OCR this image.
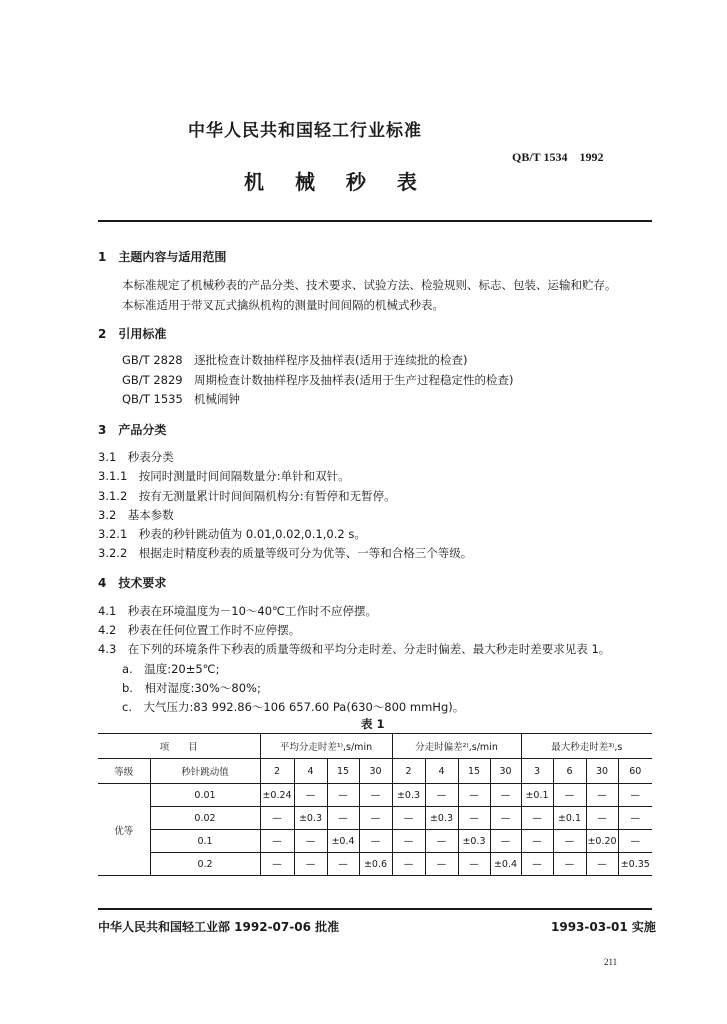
中华人民共和国轻工行业标准
QB/T 1534　1992
机 械 秒 表
1　主题内容与适用范围
本标准规定了机械秒表的产品分类、技术要求、试验方法、检验规则、标志、包装、运输和贮存。
本标准适用于带叉瓦式擒纵机构的测量时间间隔的机械式秒表。
2　引用标准
GB/T 2828 逐批检查计数抽样程序及抽样表(适用于连续批的检查)
GB/T 2829 周期检查计数抽样程序及抽样表(适用于生产过程稳定性的检查)
QB/T 1535 机械闹钟
3　产品分类
3.1　秒表分类
3.1.1　按同时测量时间间隔数量分:单针和双针。
3.1.2　按有无测量累计时间间隔机构分:有暂停和无暂停。
3.2　基本参数
3.2.1　秒表的秒针跳动值为 0.01,0.02,0.1,0.2 s。
3.2.2　根据走时精度秒表的质量等级可分为优等、一等和合格三个等级。
4　技术要求
4.1　秒表在环境温度为－10～40℃工作时不应停摆。
4.2　秒表在任何位置工作时不应停摆。
4.3　在下列的环境条件下秒表的质量等级和平均分走时差、分走时偏差、最大秒走时差要求见表 1。
a.　温度:20±5℃;
b.　相对湿度:30%～80%;
c.　大气压力:83 992.86～106 657.60 Pa(630～800 mmHg)。
表 1
项　　目		平均分走时差¹⁾,s/min				分走时偏差²⁾,s/min				最大秒走时差³⁾,s			
等级	秒针跳动值	2	4	15	30	2	4	15	30	3	6	30	60
优等	0.01	±0.24	—	—	—	±0.3	—	—	—	±0.1	—	—	—
	0.02	—	±0.3	—	—	—	±0.3	—	—	—	±0.1	—	—
	0.1	—	—	±0.4	—	—	—	±0.3	—	—	—	±0.20	—
	0.2	—	—	—	±0.6	—	—	—	±0.4	—	—	—	±0.35
中华人民共和国轻工业部 1992-07-06 批准	1993-03-01 实施
211
